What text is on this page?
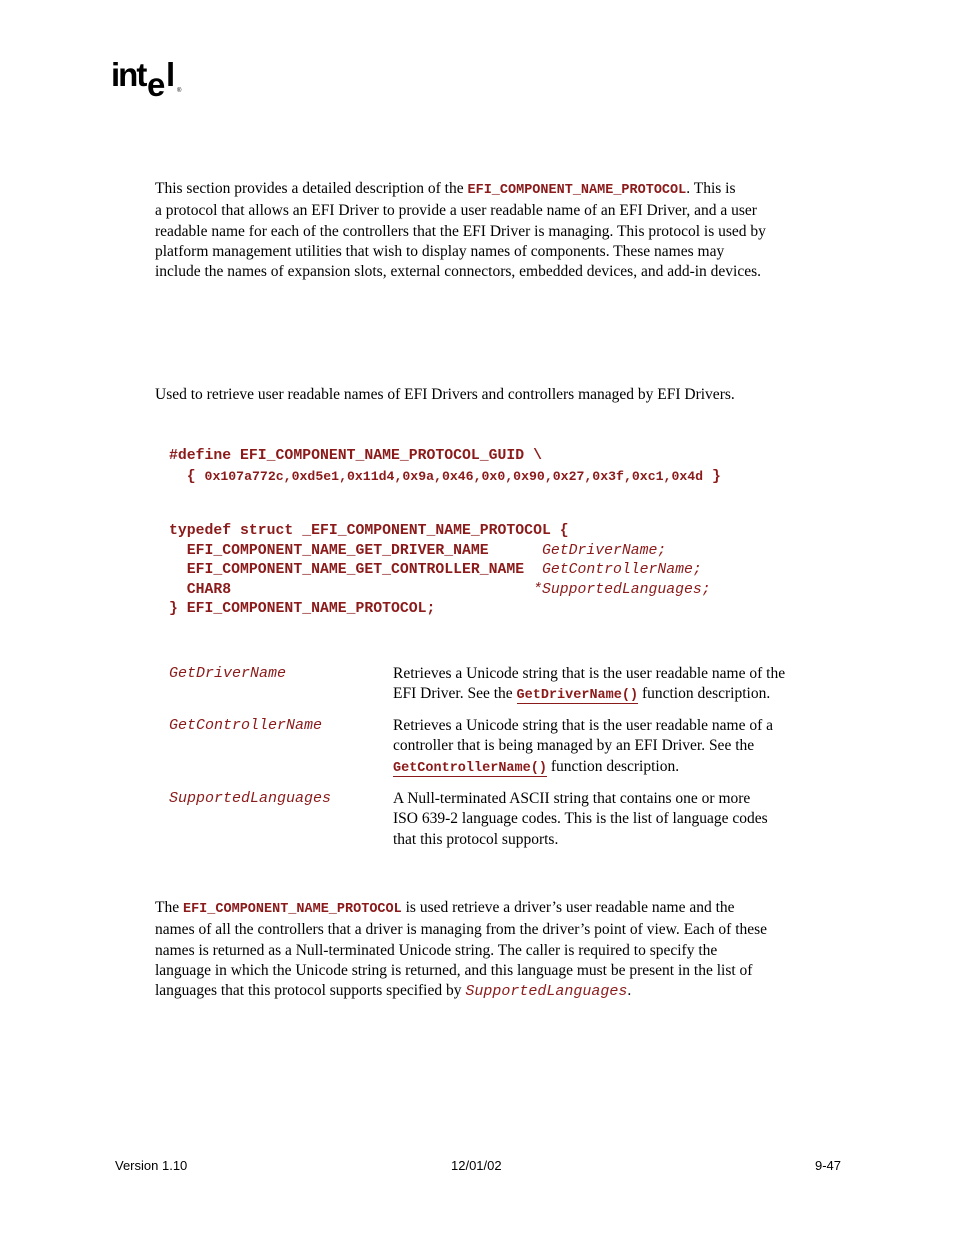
int e l ®
This section provides a detailed description of the EFI_COMPONENT_NAME_PROTOCOL. This is
a protocol that allows an EFI Driver to provide a user readable name of an EFI Driver, and a user
readable name for each of the controllers that the EFI Driver is managing. This protocol is used by
platform management utilities that wish to display names of components. These names may
include the names of expansion slots, external connectors, embedded devices, and add-in devices.
Used to retrieve user readable names of EFI Drivers and controllers managed by EFI Drivers.
#define EFI_COMPONENT_NAME_PROTOCOL_GUID \
{ 0x107a772c,0xd5e1,0x11d4,0x9a,0x46,0x0,0x90,0x27,0x3f,0xc1,0x4d }
typedef struct _EFI_COMPONENT_NAME_PROTOCOL {
EFI_COMPONENT_NAME_GET_DRIVER_NAME      GetDriverName;
EFI_COMPONENT_NAME_GET_CONTROLLER_NAME  GetControllerName;
CHAR8                                  *SupportedLanguages;
} EFI_COMPONENT_NAME_PROTOCOL;
GetDriverName	Retrieves a Unicode string that is the user readable name of the
EFI Driver. See the GetDriverName() function description.
GetControllerName	Retrieves a Unicode string that is the user readable name of a
controller that is being managed by an EFI Driver. See the
GetControllerName() function description.
SupportedLanguages	A Null-terminated ASCII string that contains one or more
ISO 639-2 language codes. This is the list of language codes
that this protocol supports.
The EFI_COMPONENT_NAME_PROTOCOL is used retrieve a driver’s user readable name and the
names of all the controllers that a driver is managing from the driver’s point of view. Each of these
names is returned as a Null-terminated Unicode string. The caller is required to specify the
language in which the Unicode string is returned, and this language must be present in the list of
languages that this protocol supports specified by SupportedLanguages.
Version 1.10	12/01/02	9-47
